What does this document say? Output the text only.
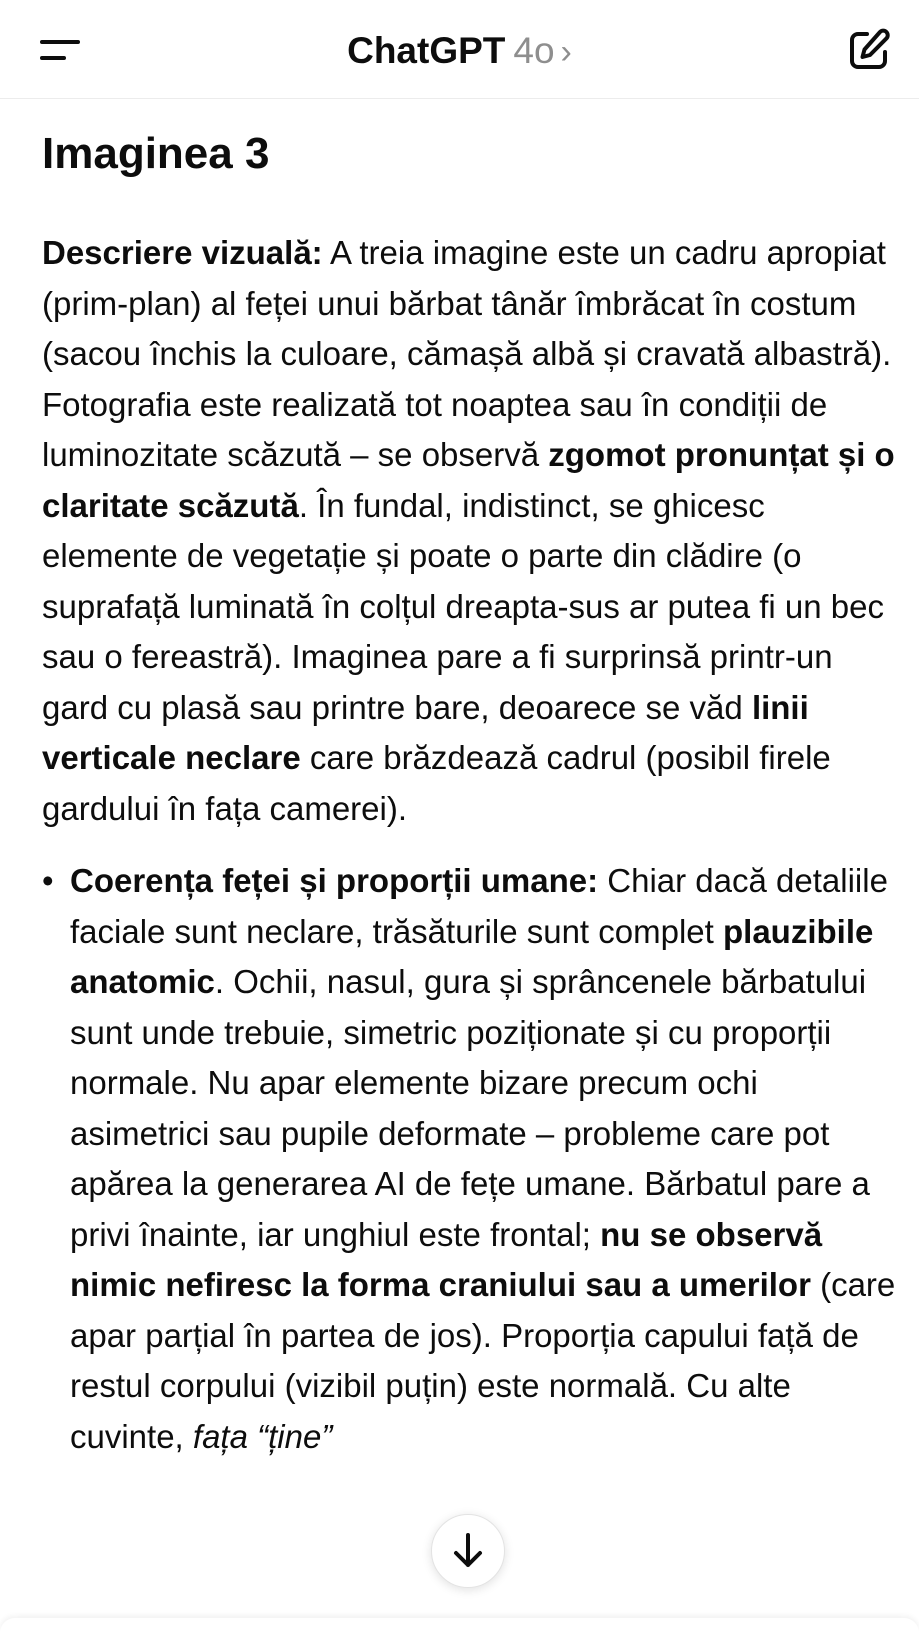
ChatGPT 4o ›
Imaginea 3

Descriere vizuală: A treia imagine este un cadru apropiat (prim-plan) al feței unui bărbat tânăr îmbrăcat în costum (sacou închis la culoare, cămașă albă și cravată albastră). Fotografia este realizată tot noaptea sau în condiții de luminozitate scăzută – se observă zgomot pronunțat și o claritate scăzută. În fundal, indistinct, se ghicesc elemente de vegetație și poate o parte din clădire (o suprafață luminată în colțul dreapta-sus ar putea fi un bec sau o fereastră). Imaginea pare a fi surprinsă printr-un gard cu plasă sau printre bare, deoarece se văd linii verticale neclare care brăzdează cadrul (posibil firele gardului în fața camerei).

• Coerența feței și proporții umane: Chiar dacă detaliile faciale sunt neclare, trăsăturile sunt complet plauzibile anatomic. Ochii, nasul, gura și sprâncenele bărbatului sunt unde trebuie, simetric poziționate și cu proporții normale. Nu apar elemente bizare precum ochi asimetrici sau pupile deformate – probleme care pot apărea la generarea AI de fețe umane. Bărbatul pare a privi înainte, iar unghiul este frontal; nu se observă nimic nefiresc la forma craniului sau a umerilor (care apar parțial în partea de jos). Proporția capului față de restul corpului (vizibil puțin) este normală. Cu alte cuvinte, fața “ține”
